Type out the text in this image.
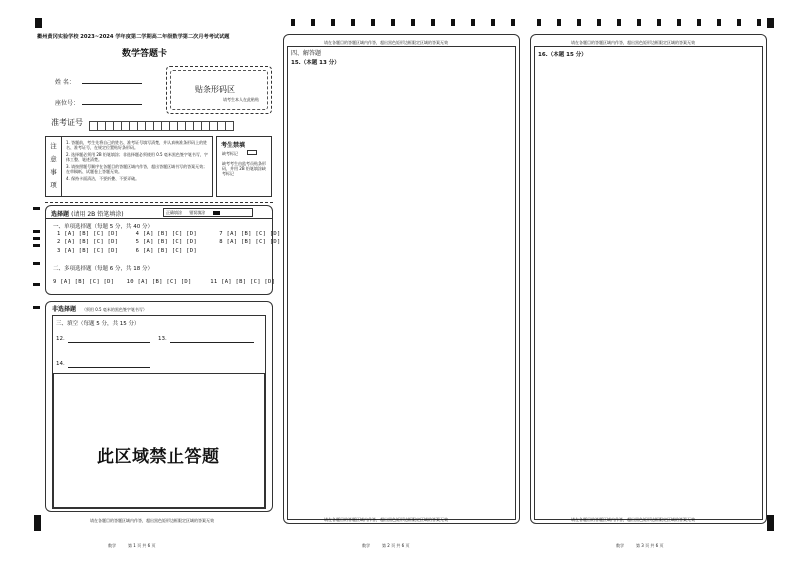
衢州黄冈实验学校 2023~2024 学年度第二学期高二年级数学第二次月考考试试题
数学答题卡
姓 名：
座位号：
贴条形码区
请考生本人在此粘贴
准考证号
注
意
事
项
1. 答题前，考生先将自己的姓名、准考证号填写清楚，并认真核准条形码上的姓名、准考证号，在规定位置贴好条形码。
2. 选择题必须用 2B 铅笔填涂；非选择题必须使用 0.5 毫米黑色签字笔书写，字体工整、笔迹清楚。
3. 请按照题号顺序在各题目的答题区域内作答，超出答题区域书写的答案无效；在草稿纸、试题卷上答题无效。
4. 保持卡面清洁，不要折叠、不要弄破。
考生禁填
缺考标记
缺考考生由监考员贴条形码，并用 2B 铅笔填涂缺考标记
选择题 (请用 2B 铅笔填涂)	正确填涂 错误填涂
一、单项选择题（每题 5 分，共 40 分）
1 [A] [B] [C] [D]	4 [A] [B] [C] [D]	7 [A] [B] [C] [D]
2 [A] [B] [C] [D]	5 [A] [B] [C] [D]	8 [A] [B] [C] [D]
3 [A] [B] [C] [D]	6 [A] [B] [C] [D]
二、多项选择题（每题 6 分，共 18 分）
9 [A] [B] [C] [D] 10 [A] [B] [C] [D]	11 [A] [B] [C] [D]
非选择题 （须用 0.5 毫米的黑色签字笔书写）
三、填空（每题 5 分，共 15 分）
12.	13.
14.
此区域禁止答题
请在各题目的答题区域内作答，超出黑色矩形边框限定区域的答案无效
数学	第 1 页 共 6 页
请在各题目的答题区域内作答，超出黑色矩形边框限定区域的答案无效
四、解答题
15.（本题 13 分）
请在各题目的答题区域内作答，超出黑色矩形边框限定区域的答案无效
数学	第 2 页 共 6 页
请在各题目的答题区域内作答，超出黑色矩形边框限定区域的答案无效
16.（本题 15 分）
请在各题目的答题区域内作答，超出黑色矩形边框限定区域的答案无效
数学	第 3 页 共 6 页
